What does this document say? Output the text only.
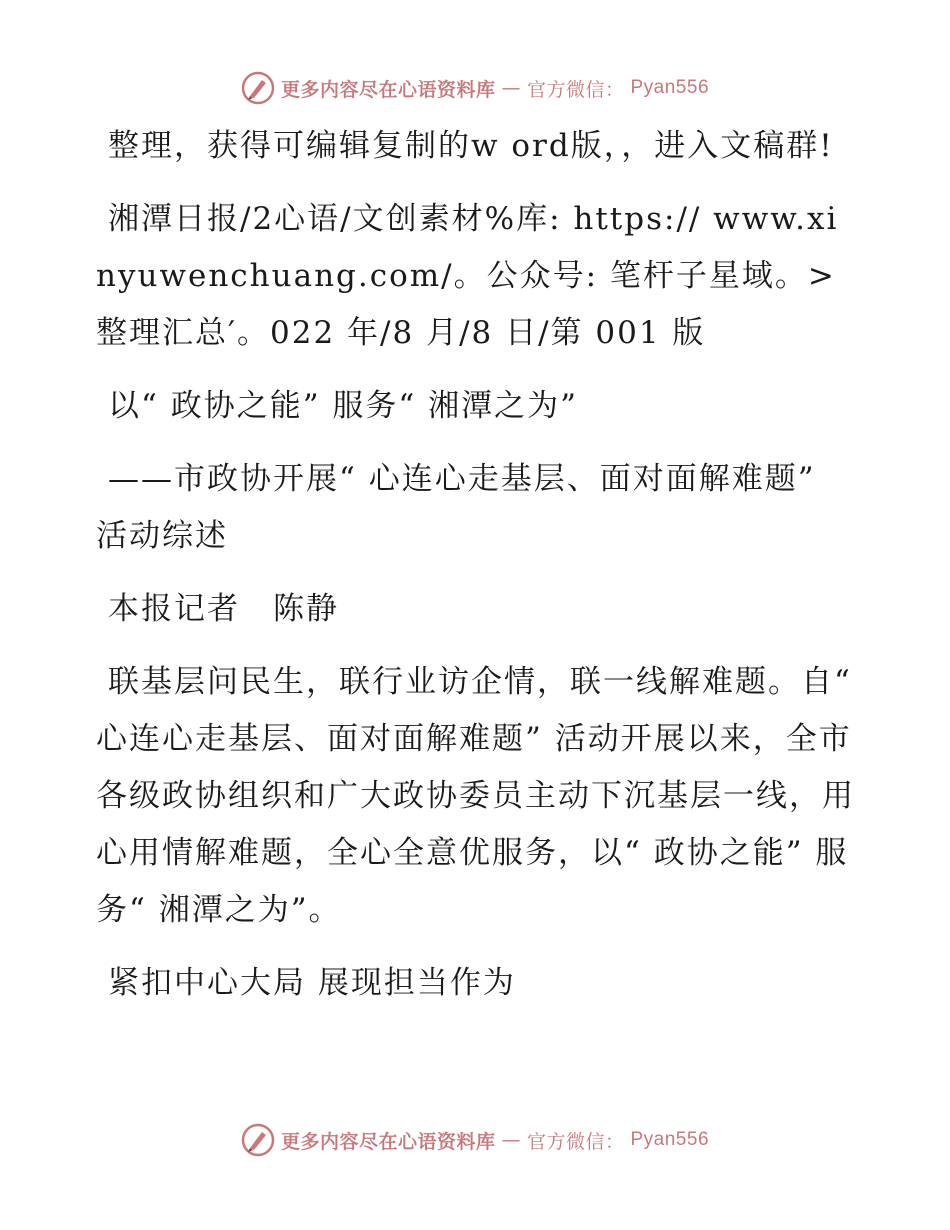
更多内容尽在心语资料库 — 官方微信： Pyan556

整理，获得可编辑复制的w ord版，，进入文稿群!

湘潭日报/2心语/文创素材%库: https:// www.xinyuwenchuang.com/。公众号: 笔杆子星域。>整理汇总′。022 年/8 月/8 日/第 001 版

以“ 政协之能” 服务“ 湘潭之为”

——市政协开展“ 心连心走基层、面对面解难题” 活动综述

本报记者　陈静

联基层问民生，联行业访企情，联一线解难题。自“ 心连心走基层、面对面解难题” 活动开展以来，全市各级政协组织和广大政协委员主动下沉基层一线，用心用情解难题，全心全意优服务，以“ 政协之能” 服务“ 湘潭之为”。

紧扣中心大局 展现担当作为

更多内容尽在心语资料库 — 官方微信： Pyan556
